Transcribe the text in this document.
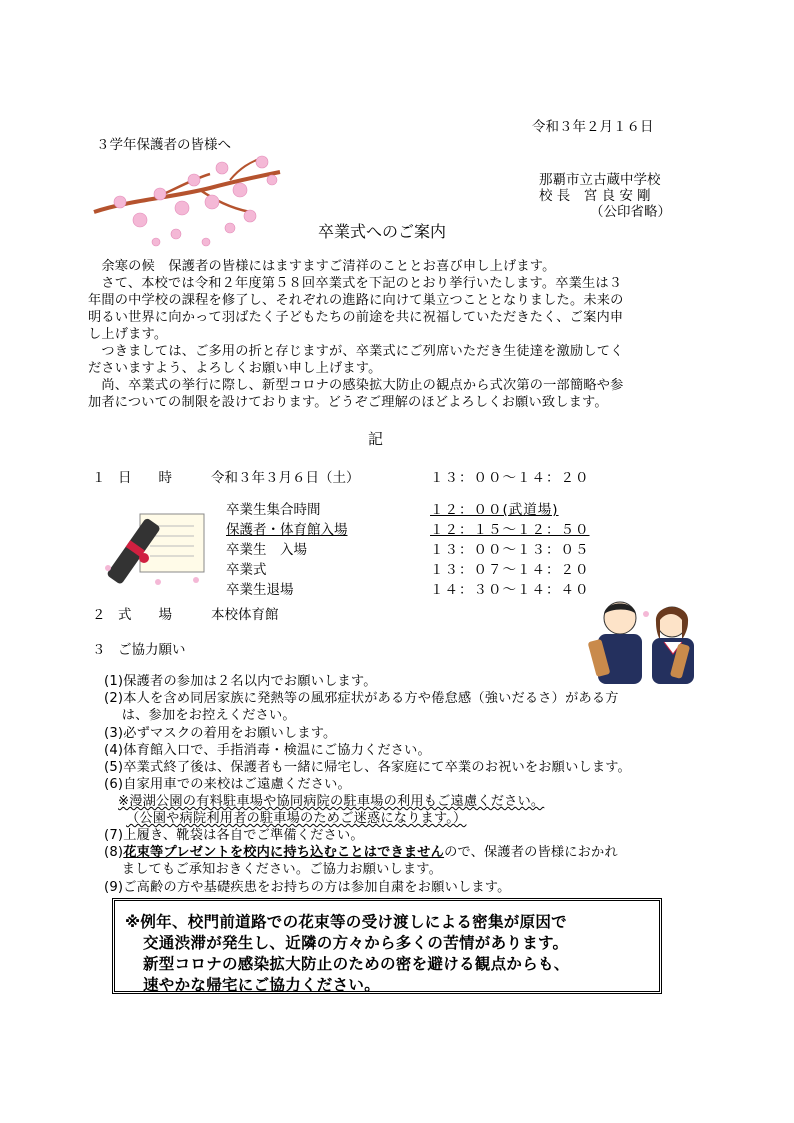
令和３年２月１６日
３学年保護者の皆様へ
那覇市立古蔵中学校
校 長　宮 良 安 剛
（公印省略）
卒業式へのご案内
　余寒の候　保護者の皆様にはますますご清祥のこととお喜び申し上げます。
　さて、本校では令和２年度第５８回卒業式を下記のとおり挙行いたします。卒業生は３
年間の中学校の課程を修了し、それぞれの進路に向けて巣立つこととなりました。未来の
明るい世界に向かって羽ばたく子どもたちの前途を共に祝福していただきたく、ご案内申
し上げます。
　つきましては、ご多用の折と存じますが、卒業式にご列席いただき生徒達を激励してく
ださいますよう、よろしくお願い申し上げます。
　尚、卒業式の挙行に際し、新型コロナの感染拡大防止の観点から式次第の一部簡略や参
加者についての制限を設けております。どうぞご理解のほどよろしくお願い致します。
記
１ 日　　時	令和３年３月６日（土）	１３：００～１４：２０
卒業生集合時間	１２：００(武道場)
保護者・体育館入場	１２：１５～１２：５０
卒業生　入場	１３：００～１３：０５
卒業式	１３：０７～１４：２０
卒業生退場	１４：３０～１４：４０
２ 式　　場	本校体育館
３ ご協力願い
(1)保護者の参加は２名以内でお願いします。
(2)本人を含め同居家族に発熱等の風邪症状がある方や倦怠感（強いだるさ）がある方
　 は、参加をお控えください。
(3)必ずマスクの着用をお願いします。
(4)体育館入口で、手指消毒・検温にご協力ください。
(5)卒業式終了後は、保護者も一緒に帰宅し、各家庭にて卒業のお祝いをお願いします。
(6)自家用車での来校はご遠慮ください。
※漫湖公園の有料駐車場や協同病院の駐車場の利用もご遠慮ください。
（公園や病院利用者の駐車場のためご迷惑になります。）
(7)上履き、靴袋は各自でご準備ください。
(8)花束等プレゼントを校内に持ち込むことはできませんので、保護者の皆様におかれ
　 ましてもご承知おきください。ご協力お願いします。
(9)ご高齢の方や基礎疾患をお持ちの方は参加自粛をお願いします。
※例年、校門前道路での花束等の受け渡しによる密集が原因で
交通渋滞が発生し、近隣の方々から多くの苦情があります。
新型コロナの感染拡大防止のための密を避ける観点からも、
速やかな帰宅にご協力ください。
